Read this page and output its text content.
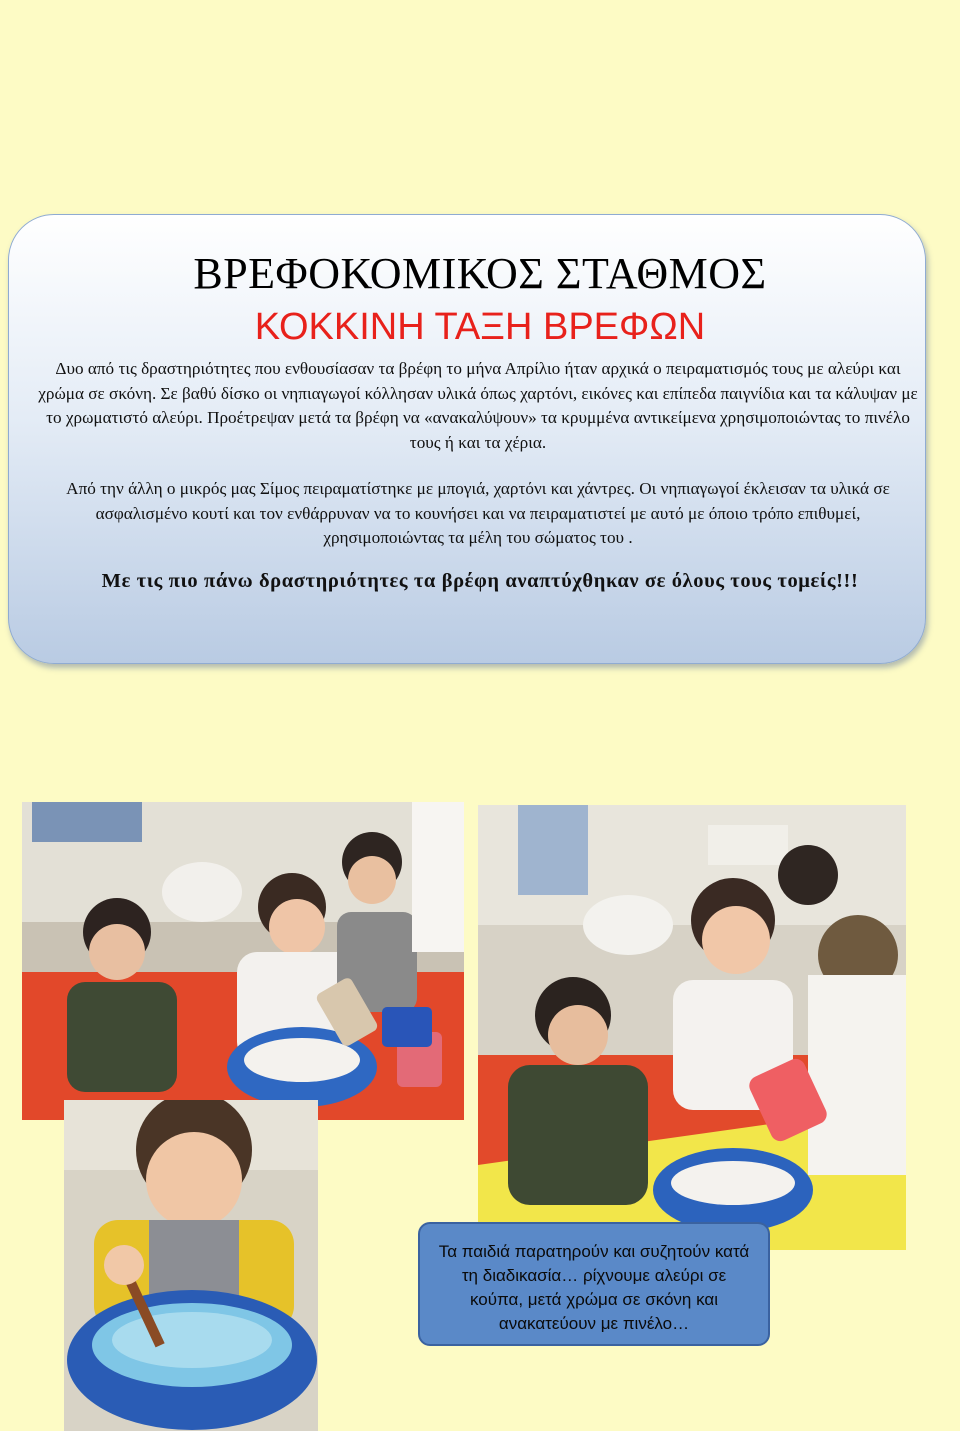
ΒΡΕΦΟΚΟΜΙΚΟΣ ΣΤΑΘΜΟΣ
ΚΟΚΚΙΝΗ ΤΑΞΗ ΒΡΕΦΩΝ
Δυο από τις δραστηριότητες που ενθουσίασαν τα βρέφη το μήνα Απρίλιο ήταν αρχικά ο πειραματισμός τους με αλεύρι και χρώμα σε σκόνη. Σε βαθύ δίσκο οι νηπιαγωγοί κόλλησαν υλικά όπως χαρτόνι, εικόνες και επίπεδα παιγνίδια και τα κάλυψαν με το χρωματιστό αλεύρι. Προέτρεψαν μετά τα βρέφη να «ανακαλύψουν» τα κρυμμένα αντικείμενα χρησιμοποιώντας το πινέλο τους ή και τα χέρια.
Από την άλλη ο μικρός μας Σίμος πειραματίστηκε με μπογιά, χαρτόνι και χάντρες. Οι νηπιαγωγοί έκλεισαν τα υλικά σε ασφαλισμένο κουτί και τον ενθάρρυναν να το κουνήσει και να πειραματιστεί με αυτό με όποιο τρόπο επιθυμεί, χρησιμοποιώντας τα μέλη του σώματος του .
Με τις πιο πάνω δραστηριότητες τα βρέφη αναπτύχθηκαν σε όλους τους τομείς!!!
Τα παιδιά παρατηρούν και συζητούν κατά τη διαδικασία… ρίχνουμε αλεύρι σε κούπα, μετά χρώμα σε σκόνη και ανακατεύουν με πινέλο…
